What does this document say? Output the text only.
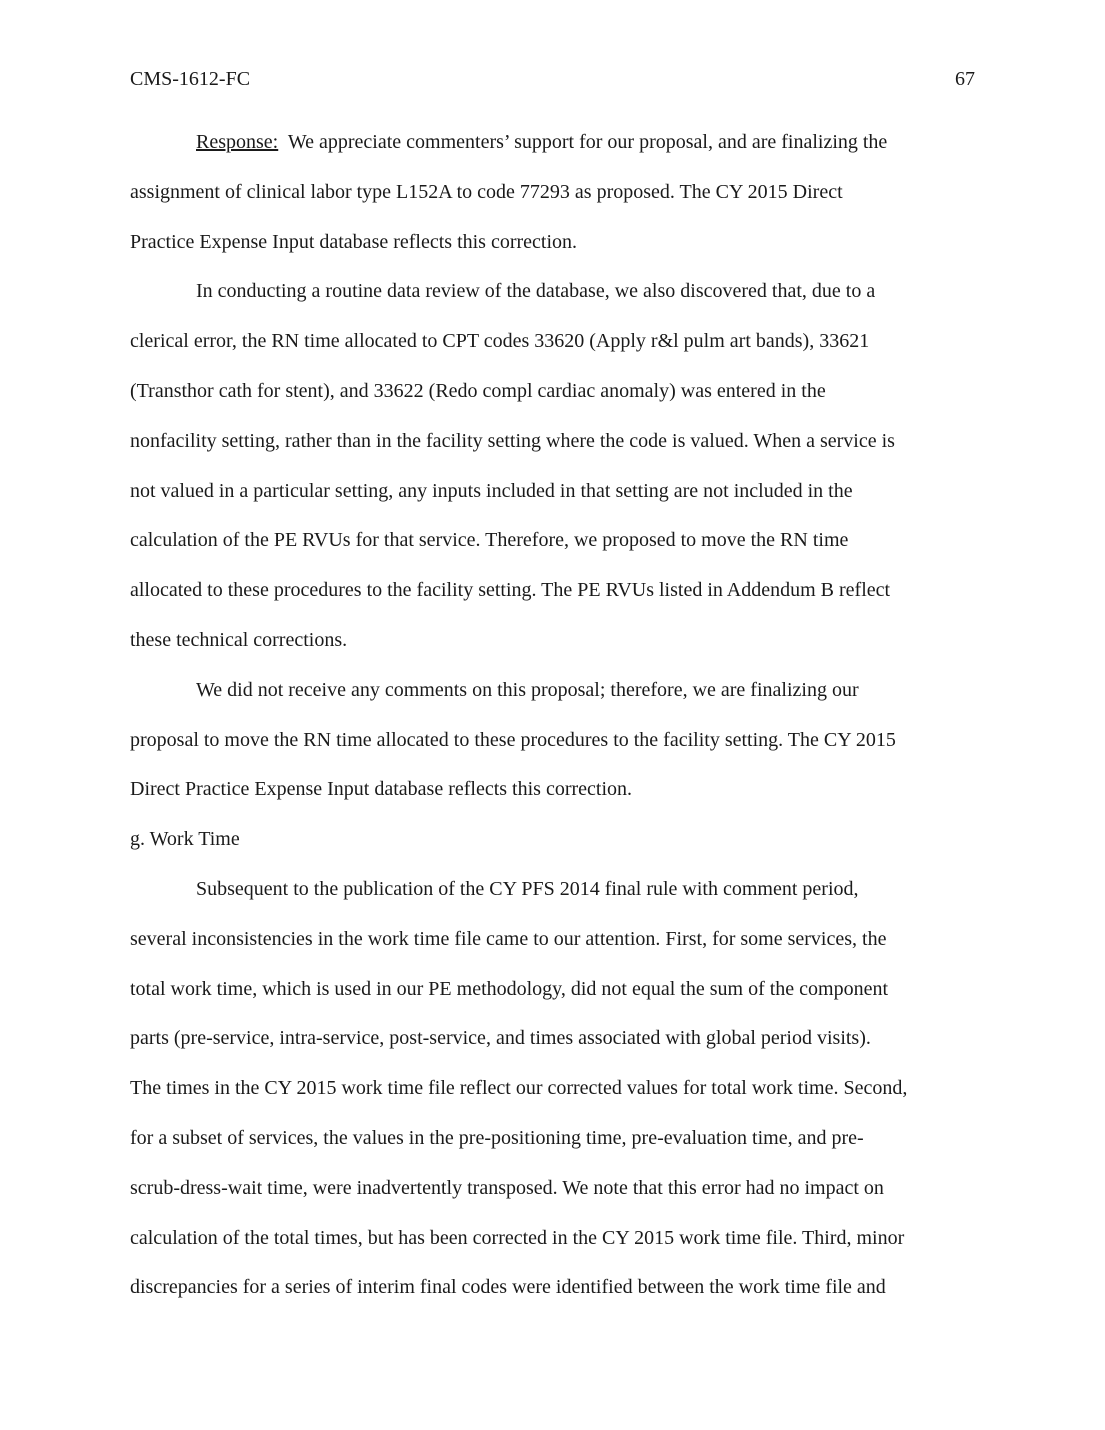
CMS-1612-FC	67
Response:  We appreciate commenters’ support for our proposal, and are finalizing the
assignment of clinical labor type L152A to code 77293 as proposed. The CY 2015 Direct
Practice Expense Input database reflects this correction.
In conducting a routine data review of the database, we also discovered that, due to a
clerical error, the RN time allocated to CPT codes 33620 (Apply r&l pulm art bands), 33621
(Transthor cath for stent), and 33622 (Redo compl cardiac anomaly) was entered in the
nonfacility setting, rather than in the facility setting where the code is valued. When a service is
not valued in a particular setting, any inputs included in that setting are not included in the
calculation of the PE RVUs for that service. Therefore, we proposed to move the RN time
allocated to these procedures to the facility setting. The PE RVUs listed in Addendum B reflect
these technical corrections.
We did not receive any comments on this proposal; therefore, we are finalizing our
proposal to move the RN time allocated to these procedures to the facility setting. The CY 2015
Direct Practice Expense Input database reflects this correction.
g. Work Time
Subsequent to the publication of the CY PFS 2014 final rule with comment period,
several inconsistencies in the work time file came to our attention. First, for some services, the
total work time, which is used in our PE methodology, did not equal the sum of the component
parts (pre-service, intra-service, post-service, and times associated with global period visits).
The times in the CY 2015 work time file reflect our corrected values for total work time. Second,
for a subset of services, the values in the pre-positioning time, pre-evaluation time, and pre-
scrub-dress-wait time, were inadvertently transposed. We note that this error had no impact on
calculation of the total times, but has been corrected in the CY 2015 work time file. Third, minor
discrepancies for a series of interim final codes were identified between the work time file and
